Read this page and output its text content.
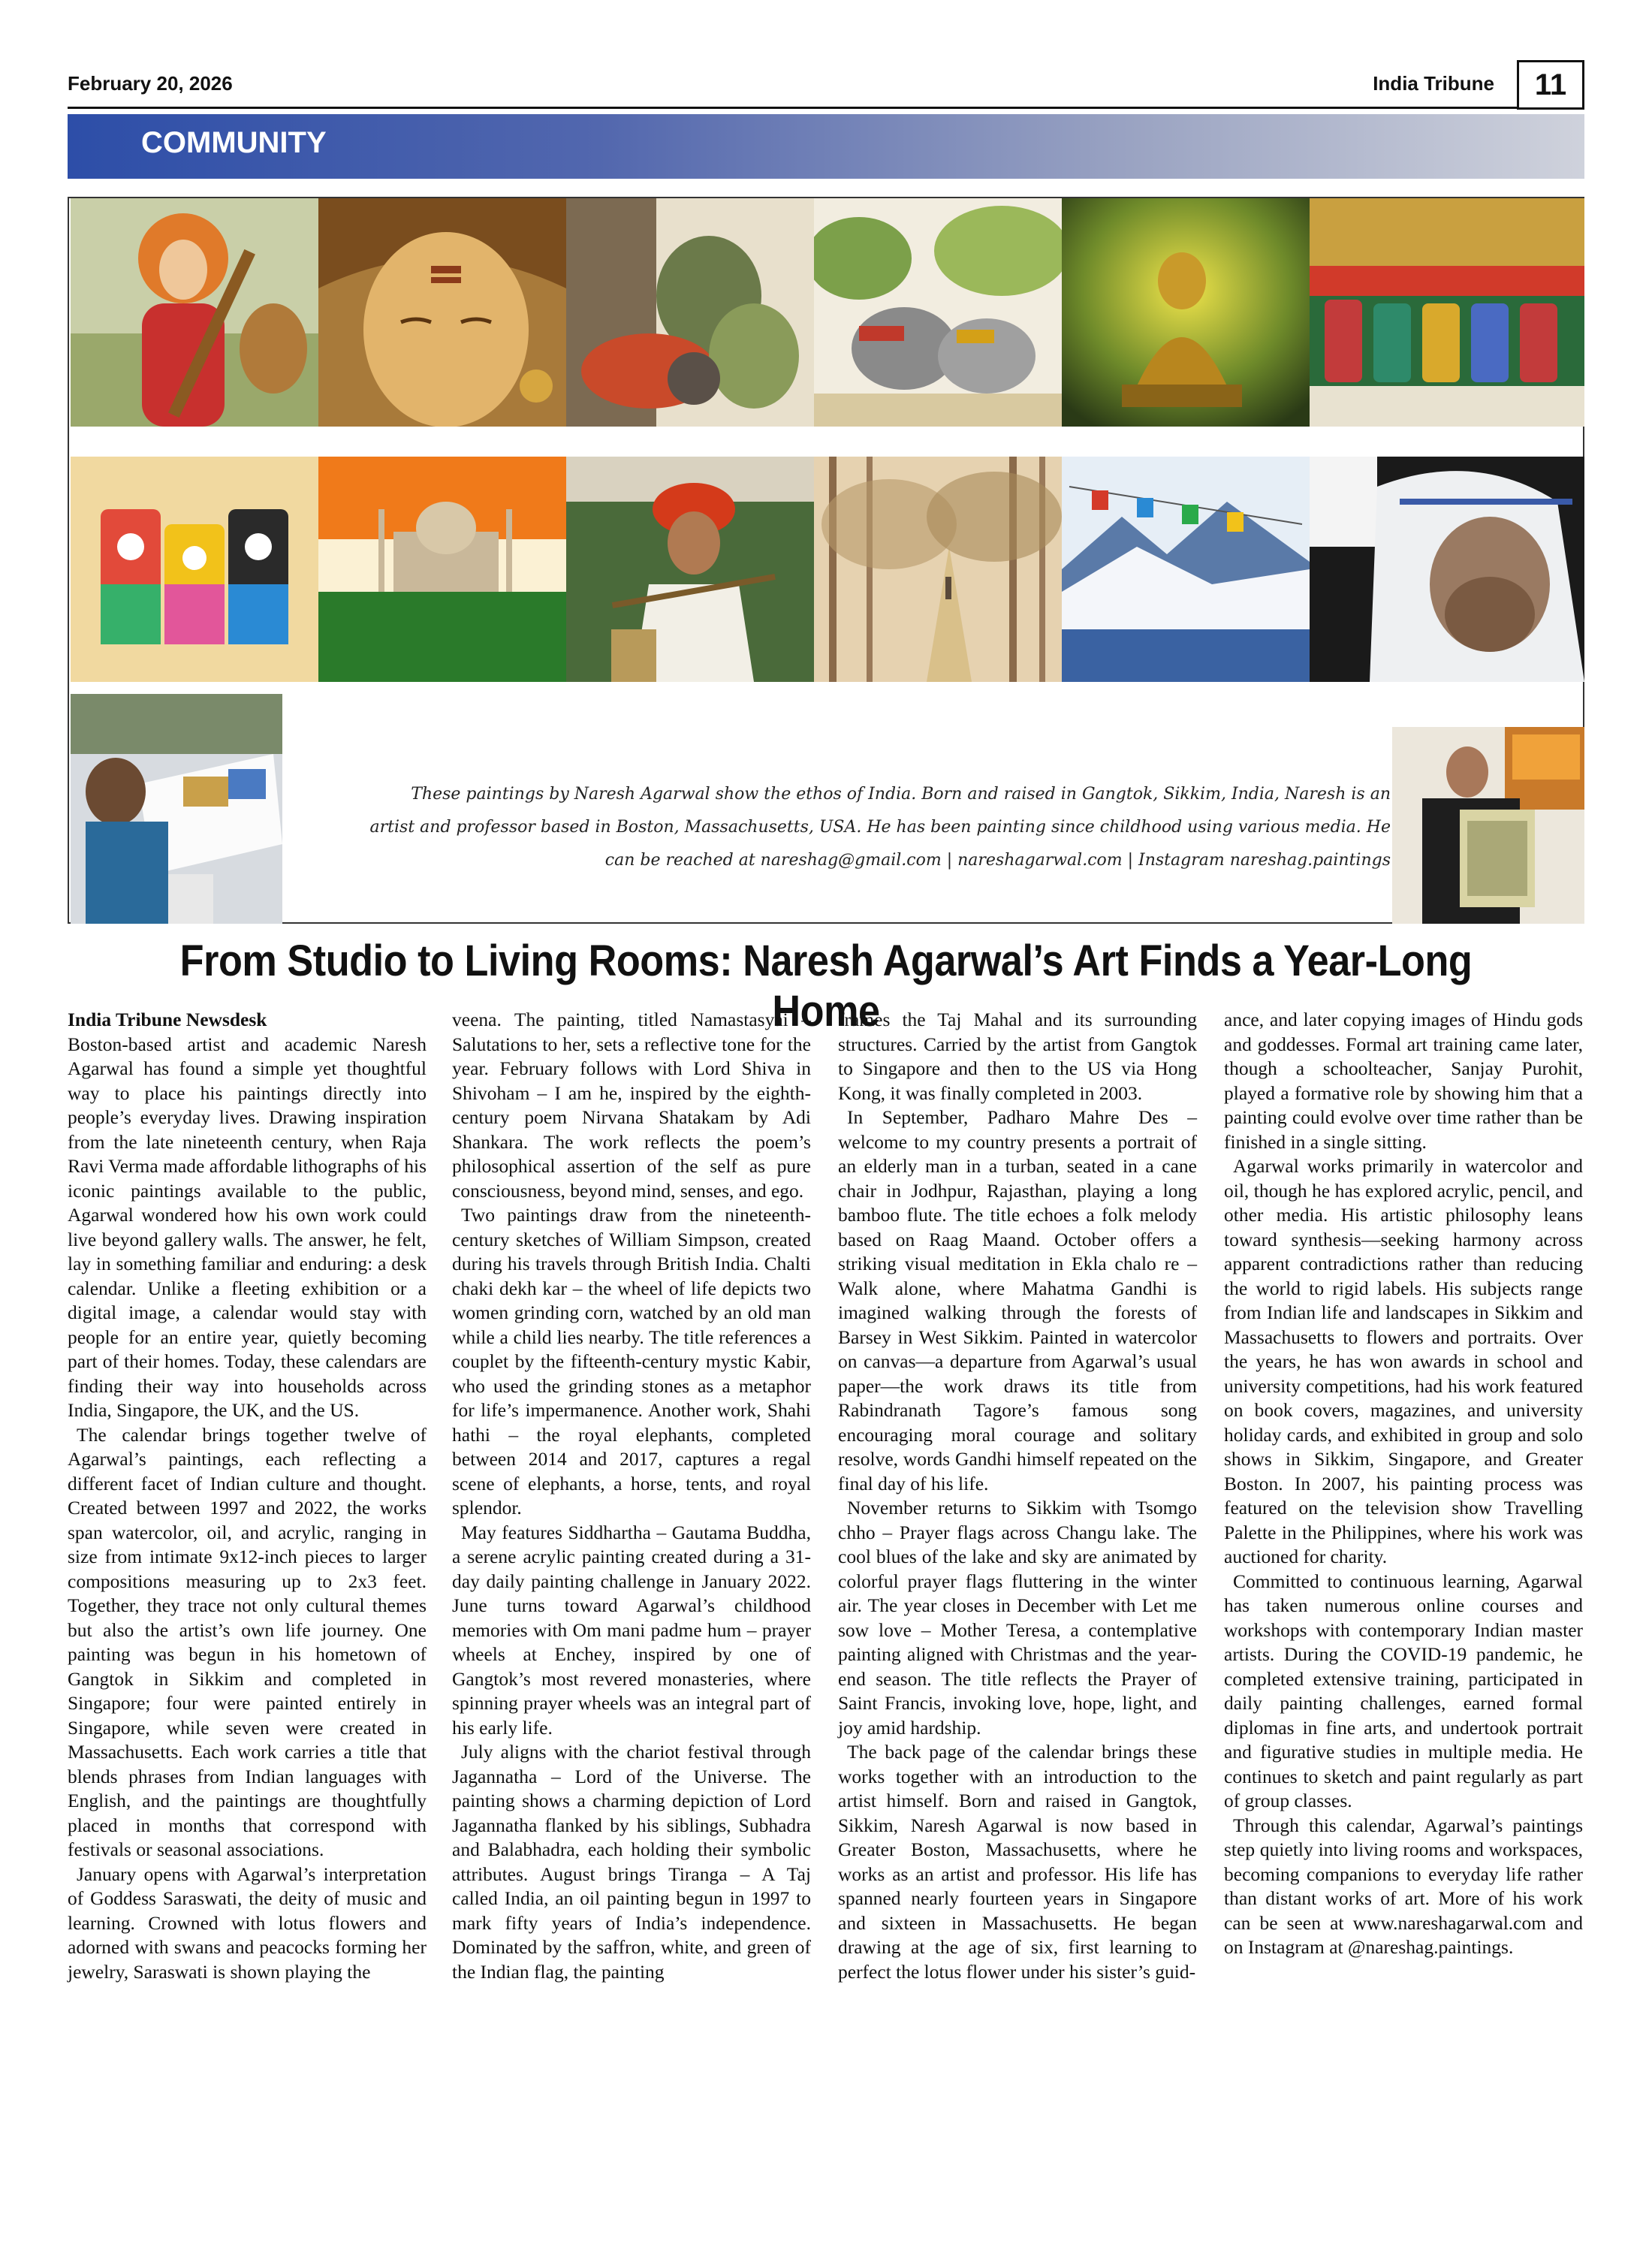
February 20, 2026	India Tribune	11
COMMUNITY
These paintings by Naresh Agarwal show the ethos of India. Born and raised in Gangtok, Sikkim, India, Naresh is an
artist and professor based in Boston, Massachusetts, USA. He has been painting since childhood using various media. He
can be reached at nareshag@gmail.com | nareshagarwal.com | Instagram nareshag.paintings
From Studio to Living Rooms: Naresh Agarwal’s Art Finds a Year-Long Home
India Tribune Newsdesk

Boston-based artist and academic Naresh Agarwal has found a simple yet thoughtful way to place his paintings directly into people’s everyday lives. Drawing inspiration from the late nineteenth century, when Raja Ravi Verma made affordable lithographs of his iconic paintings available to the public, Agarwal wondered how his own work could live beyond gallery walls. The answer, he felt, lay in something familiar and enduring: a desk calendar. Unlike a fleeting exhibition or a digital image, a calendar would stay with people for an entire year, quietly becoming part of their homes. Today, these calendars are finding their way into households across India, Singapore, the UK, and the US.

The calendar brings together twelve of Agarwal’s paintings, each reflecting a different facet of Indian culture and thought. Created between 1997 and 2022, the works span watercolor, oil, and acrylic, ranging in size from intimate 9x12-inch pieces to larger compositions measuring up to 2x3 feet. Together, they trace not only cultural themes but also the artist’s own life journey. One painting was begun in his hometown of Gangtok in Sikkim and completed in Singapore; four were painted entirely in Singapore, while seven were created in Massachusetts. Each work carries a title that blends phrases from Indian languages with English, and the paintings are thoughtfully placed in months that correspond with festivals or seasonal associations.

January opens with Agarwal’s interpretation of Goddess Saraswati, the deity of music and learning. Crowned with lotus flowers and adorned with swans and peacocks forming her jewelry, Saraswati is shown playing the

veena. The painting, titled Namastasyai – Salutations to her, sets a reflective tone for the year. February follows with Lord Shiva in Shivoham – I am he, inspired by the eighth-century poem Nirvana Shatakam by Adi Shankara. The work reflects the poem’s philosophical assertion of the self as pure consciousness, beyond mind, senses, and ego.

Two paintings draw from the nineteenth-century sketches of William Simpson, created during his travels through British India. Chalti chaki dekh kar – the wheel of life depicts two women grinding corn, watched by an old man while a child lies nearby. The title references a couplet by the fifteenth-century mystic Kabir, who used the grinding stones as a metaphor for life’s impermanence. Another work, Shahi hathi – the royal elephants, completed between 2014 and 2017, captures a regal scene of elephants, a horse, tents, and royal splendor.

May features Siddhartha – Gautama Buddha, a serene acrylic painting created during a 31-day daily painting challenge in January 2022. June turns toward Agarwal’s childhood memories with Om mani padme hum – prayer wheels at Enchey, inspired by one of Gangtok’s most revered monasteries, where spinning prayer wheels was an integral part of his early life.

July aligns with the chariot festival through Jagannatha – Lord of the Universe. The painting shows a charming depiction of Lord Jagannatha flanked by his siblings, Subhadra and Balabhadra, each holding their symbolic attributes. August brings Tiranga – A Taj called India, an oil painting begun in 1997 to mark fifty years of India’s independence. Dominated by the saffron, white, and green of the Indian flag, the painting

frames the Taj Mahal and its surrounding structures. Carried by the artist from Gangtok to Singapore and then to the US via Hong Kong, it was finally completed in 2003.

In September, Padharo Mahre Des – welcome to my country presents a portrait of an elderly man in a turban, seated in a cane chair in Jodhpur, Rajasthan, playing a long bamboo flute. The title echoes a folk melody based on Raag Maand. October offers a striking visual meditation in Ekla chalo re – Walk alone, where Mahatma Gandhi is imagined walking through the forests of Barsey in West Sikkim. Painted in watercolor on canvas—a departure from Agarwal’s usual paper—the work draws its title from Rabindranath Tagore’s famous song encouraging moral courage and solitary resolve, words Gandhi himself repeated on the final day of his life.

November returns to Sikkim with Tsomgo chho – Prayer flags across Changu lake. The cool blues of the lake and sky are animated by colorful prayer flags fluttering in the winter air. The year closes in December with Let me sow love – Mother Teresa, a contemplative painting aligned with Christmas and the year-end season. The title reflects the Prayer of Saint Francis, invoking love, hope, light, and joy amid hardship.

The back page of the calendar brings these works together with an introduction to the artist himself. Born and raised in Gangtok, Sikkim, Naresh Agarwal is now based in Greater Boston, Massachusetts, where he works as an artist and professor. His life has spanned nearly fourteen years in Singapore and sixteen in Massachusetts. He began drawing at the age of six, first learning to perfect the lotus flower under his sister’s guid-

ance, and later copying images of Hindu gods and goddesses. Formal art training came later, though a schoolteacher, Sanjay Purohit, played a formative role by showing him that a painting could evolve over time rather than be finished in a single sitting.

Agarwal works primarily in watercolor and oil, though he has explored acrylic, pencil, and other media. His artistic philosophy leans toward synthesis—seeking harmony across apparent contradictions rather than reducing the world to rigid labels. His subjects range from Indian life and landscapes in Sikkim and Massachusetts to flowers and portraits. Over the years, he has won awards in school and university competitions, had his work featured on book covers, magazines, and university holiday cards, and exhibited in group and solo shows in Sikkim, Singapore, and Greater Boston. In 2007, his painting process was featured on the television show Travelling Palette in the Philippines, where his work was auctioned for charity.

Committed to continuous learning, Agarwal has taken numerous online courses and workshops with contemporary Indian master artists. During the COVID-19 pandemic, he completed extensive training, participated in daily painting challenges, earned formal diplomas in fine arts, and undertook portrait and figurative studies in multiple media. He continues to sketch and paint regularly as part of group classes.

Through this calendar, Agarwal’s paintings step quietly into living rooms and workspaces, becoming companions to everyday life rather than distant works of art. More of his work can be seen at www.nareshagarwal.com and on Instagram at @nareshag.paintings.
